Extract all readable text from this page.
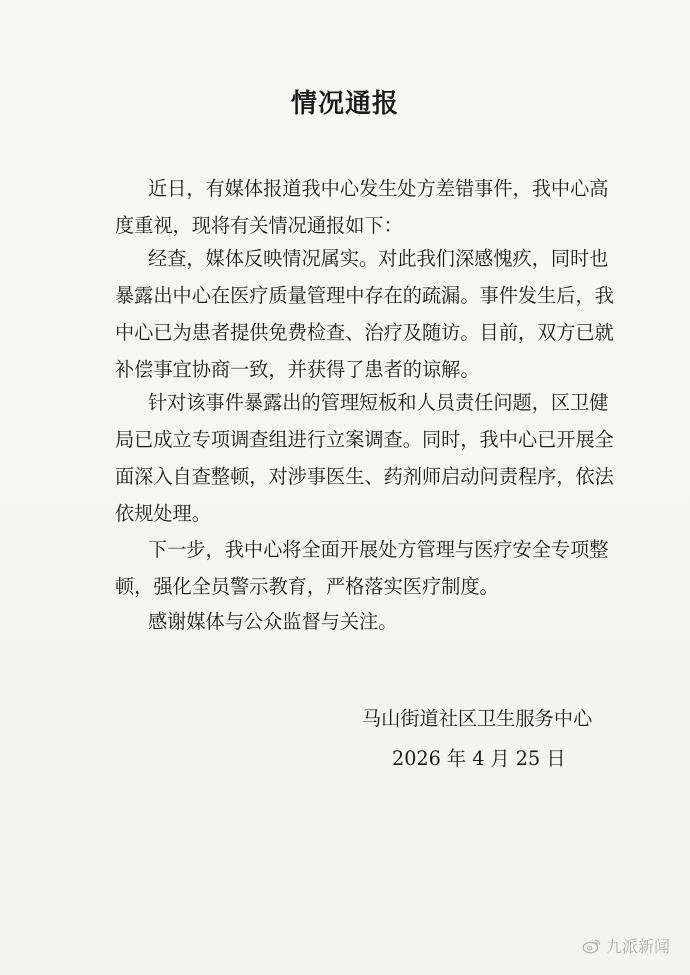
情况通报
近日，有媒体报道我中心发生处方差错事件，我中心高
度重视，现将有关情况通报如下：
经查，媒体反映情况属实。对此我们深感愧疚，同时也
暴露出中心在医疗质量管理中存在的疏漏。事件发生后，我
中心已为患者提供免费检查、治疗及随访。目前，双方已就
补偿事宜协商一致，并获得了患者的谅解。
针对该事件暴露出的管理短板和人员责任问题，区卫健
局已成立专项调查组进行立案调查。同时，我中心已开展全
面深入自查整顿，对涉事医生、药剂师启动问责程序，依法
依规处理。
下一步，我中心将全面开展处方管理与医疗安全专项整
顿，强化全员警示教育，严格落实医疗制度。
感谢媒体与公众监督与关注。
马山街道社区卫生服务中心
2026 年 4 月 25 日
九派新闻
